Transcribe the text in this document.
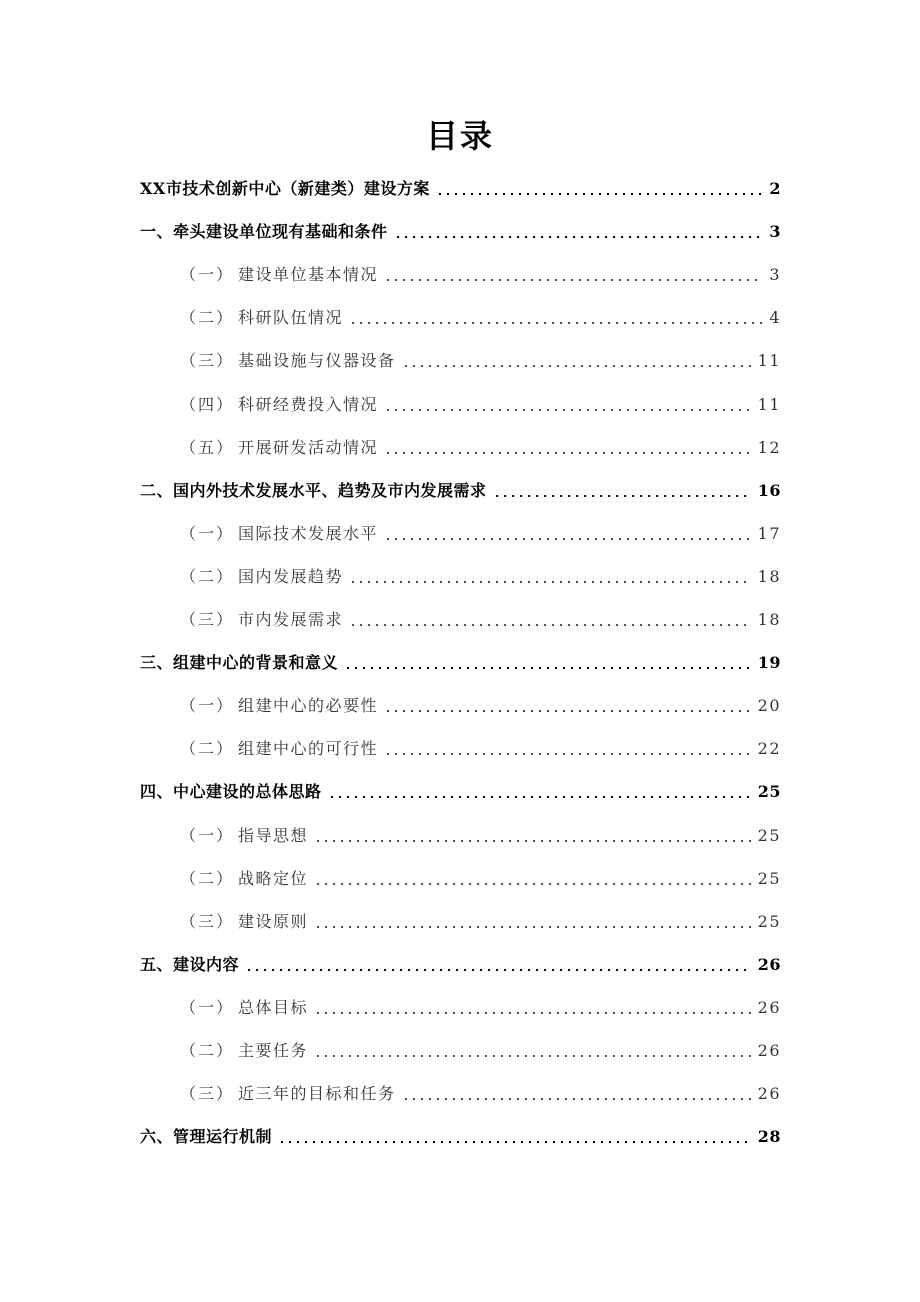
目录
XX市技术创新中心（新建类）建设方案	2
一、牵头建设单位现有基础和条件	3
（一） 建设单位基本情况	3
（二） 科研队伍情况	4
（三） 基础设施与仪器设备	11
（四） 科研经费投入情况	11
（五） 开展研发活动情况	12
二、国内外技术发展水平、趋势及市内发展需求	16
（一） 国际技术发展水平	17
（二） 国内发展趋势	18
（三） 市内发展需求	18
三、组建中心的背景和意义	19
（一） 组建中心的必要性	20
（二） 组建中心的可行性	22
四、中心建设的总体思路	25
（一） 指导思想	25
（二） 战略定位	25
（三） 建设原则	25
五、建设内容	26
（一） 总体目标	26
（二） 主要任务	26
（三） 近三年的目标和任务	26
六、管理运行机制	28
